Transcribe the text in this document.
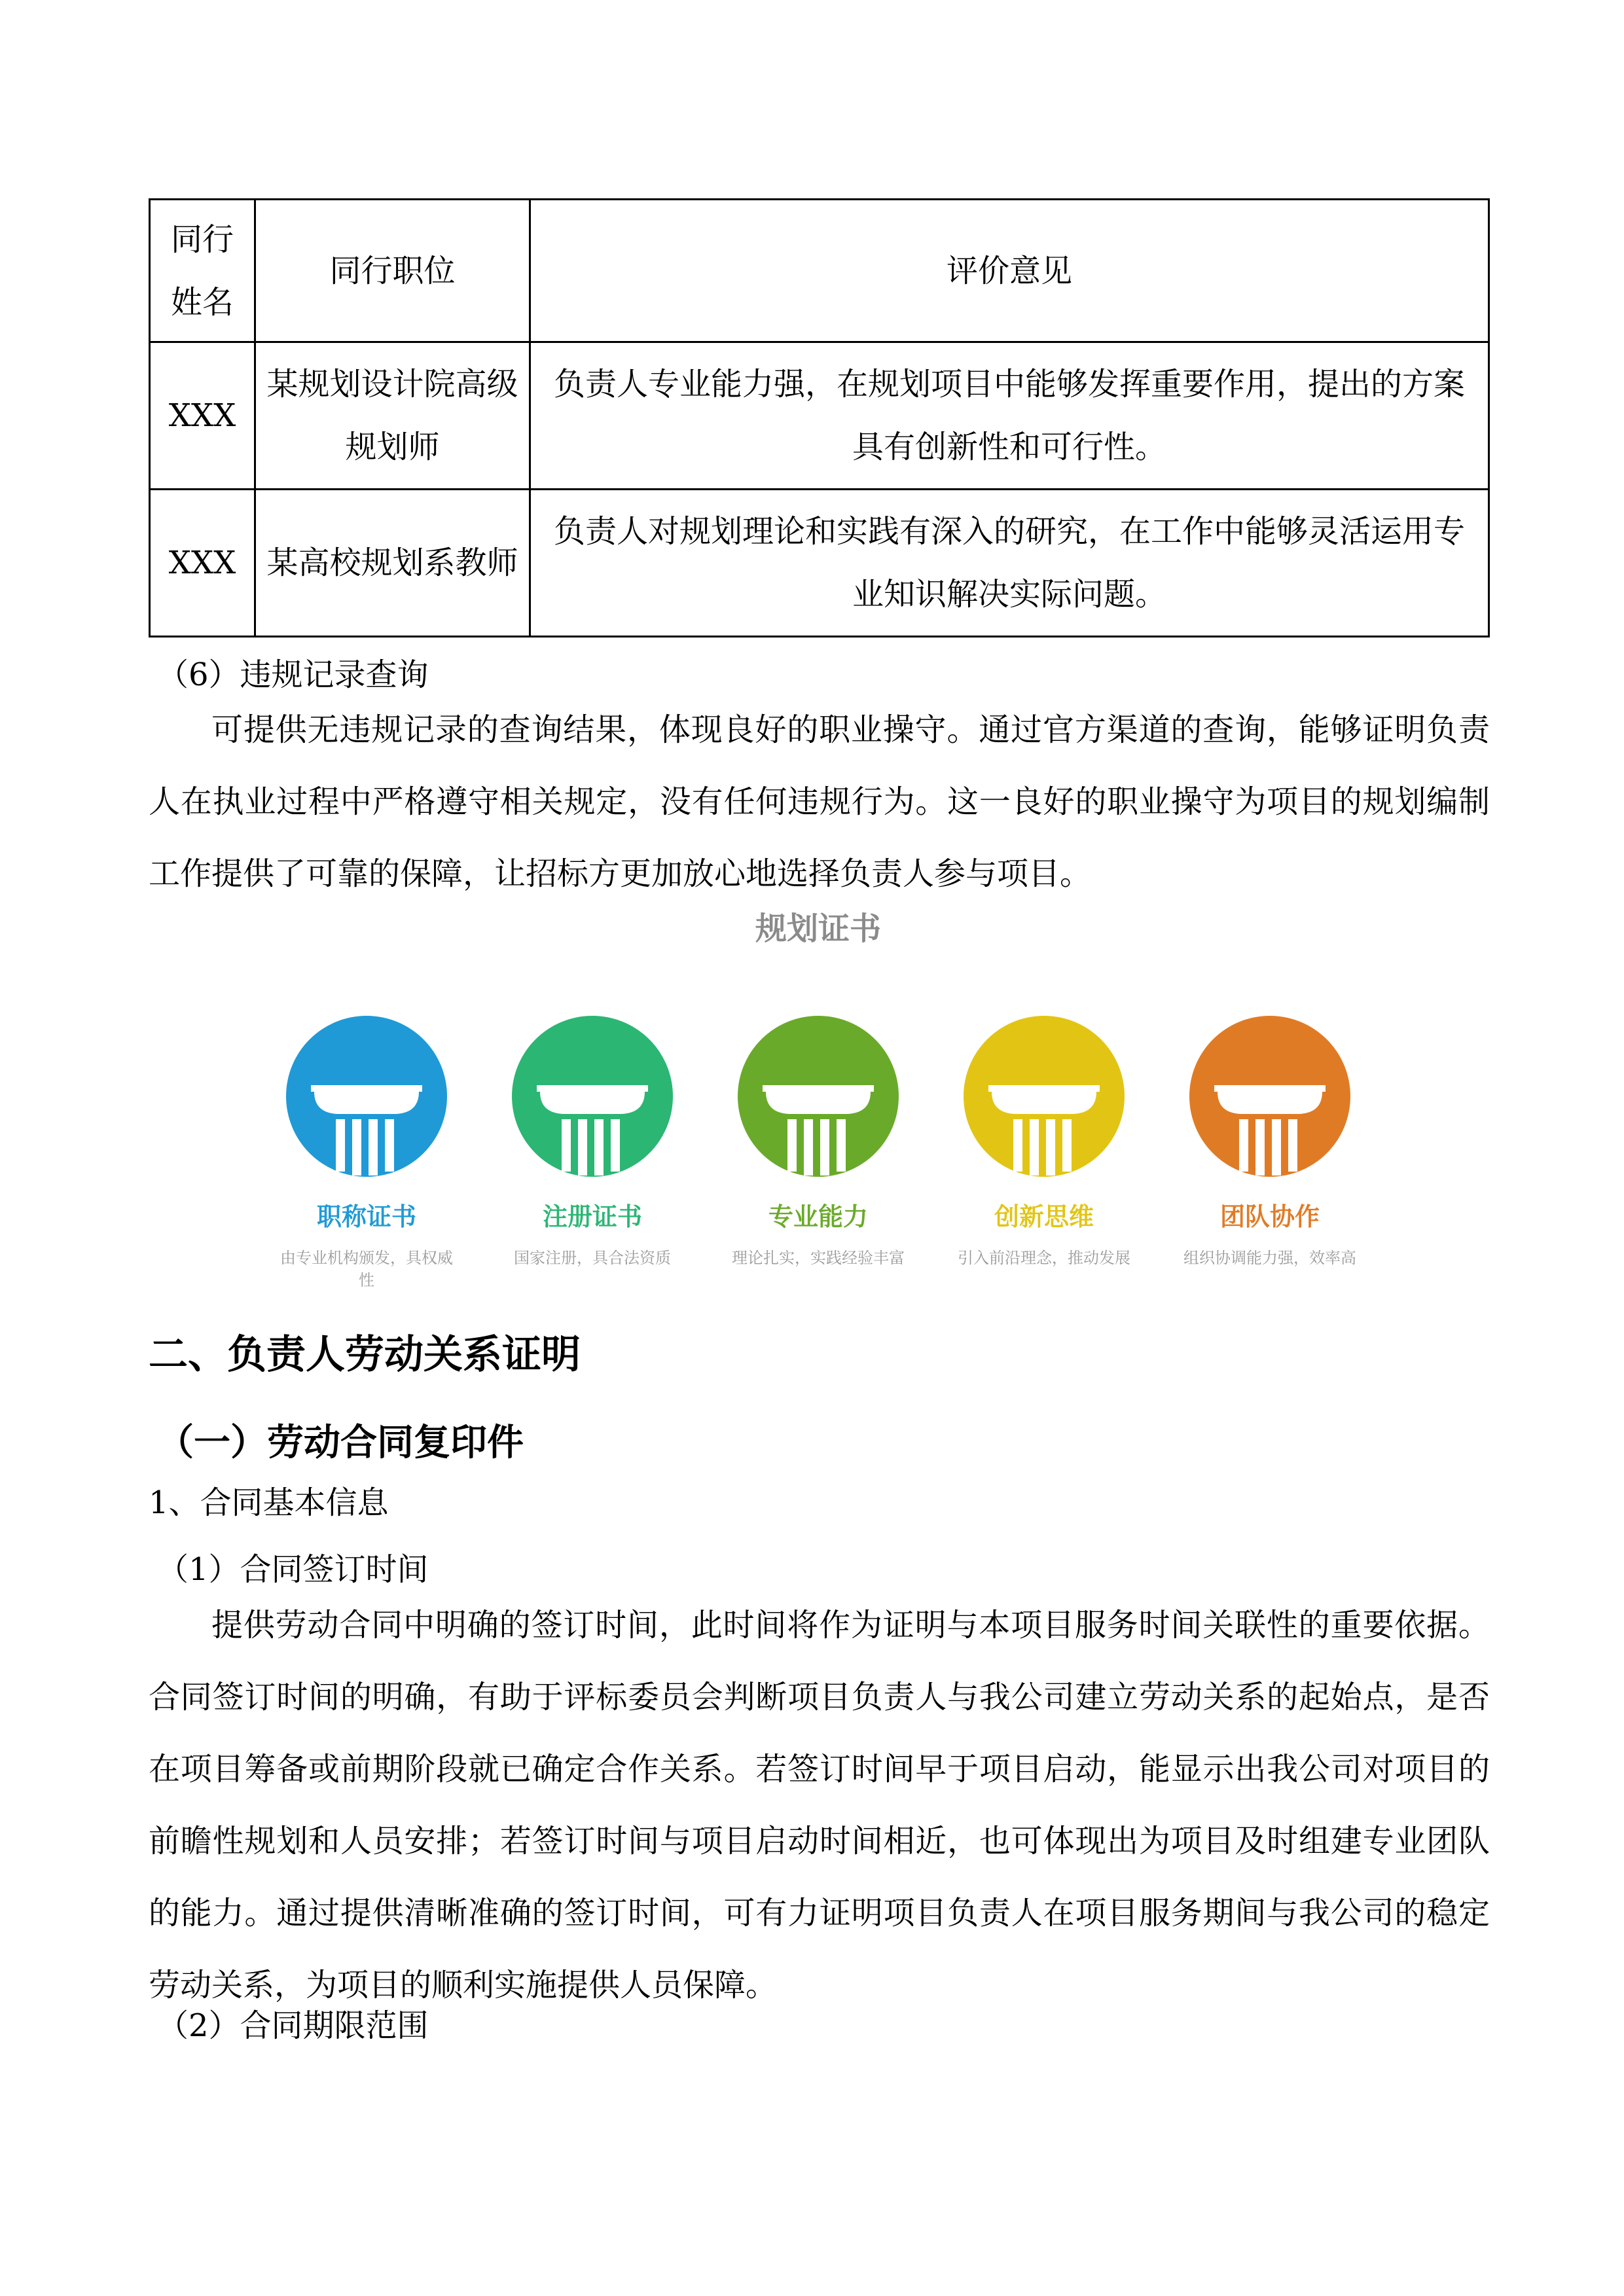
同行姓名	同行职位	评价意见
XXX	某规划设计院高级规划师	负责人专业能力强，在规划项目中能够发挥重要作用，提出的方案具有创新性和可行性。
XXX	某高校规划系教师	负责人对规划理论和实践有深入的研究，在工作中能够灵活运用专业知识解决实际问题。

（6）违规记录查询

可提供无违规记录的查询结果，体现良好的职业操守。通过官方渠道的查询，能够证明负责人在执业过程中严格遵守相关规定，没有任何违规行为。这一良好的职业操守为项目的规划编制工作提供了可靠的保障，让招标方更加放心地选择负责人参与项目。

规划证书
职称证书
由专业机构颁发，具权威性
注册证书
国家注册，具合法资质
专业能力
理论扎实，实践经验丰富
创新思维
引入前沿理念，推动发展
团队协作
组织协调能力强，效率高
二、负责人劳动关系证明
（一）劳动合同复印件

1、合同基本信息

（1）合同签订时间

提供劳动合同中明确的签订时间，此时间将作为证明与本项目服务时间关联性的重要依据。合同签订时间的明确，有助于评标委员会判断项目负责人与我公司建立劳动关系的起始点，是否在项目筹备或前期阶段就已确定合作关系。若签订时间早于项目启动，能显示出我公司对项目的前瞻性规划和人员安排；若签订时间与项目启动时间相近，也可体现出为项目及时组建专业团队的能力。通过提供清晰准确的签订时间，可有力证明项目负责人在项目服务期间与我公司的稳定劳动关系，为项目的顺利实施提供人员保障。

（2）合同期限范围
